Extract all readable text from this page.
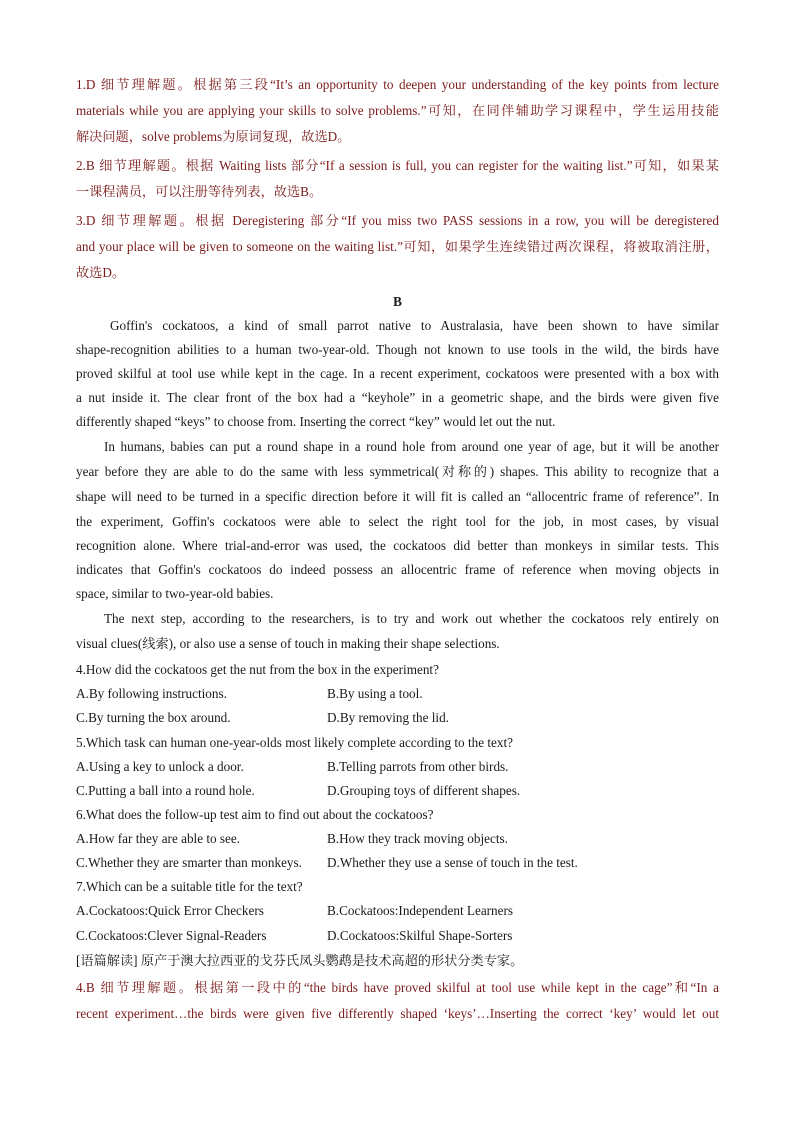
1.D 细节理解题。根据第三段“It’s an opportunity to deepen your understanding of the key points from lecture
materials while you are applying your skills to solve problems.”可知，在同伴辅助学习课程中，学生运用技能
解决问题，solve problems为原词复现，故选D。
2.B 细节理解题。根据 Waiting lists 部分“If a session is full, you can register for the waiting list.”可知，如果某
一课程满员，可以注册等待列表，故选B。
3.D 细节理解题。根据 Deregistering 部分“If you miss two PASS sessions in a row, you will be deregistered
and your place will be given to someone on the waiting list.”可知，如果学生连续错过两次课程，将被取消注册，
故选D。
B
Goffin's cockatoos, a kind of small parrot native to Australasia, have been shown to have similar
shape-recognition abilities to a human two-year-old. Though not known to use tools in the wild, the birds have
proved skilful at tool use while kept in the cage. In a recent experiment, cockatoos were presented with a box with
a nut inside it. The clear front of the box had a “keyhole” in a geometric shape, and the birds were given five
differently shaped “keys” to choose from. Inserting the correct “key” would let out the nut.
In humans, babies can put a round shape in a round hole from around one year of age, but it will be another
year before they are able to do the same with less symmetrical(对称的) shapes. This ability to recognize that a
shape will need to be turned in a specific direction before it will fit is called an “allocentric frame of reference”. In
the experiment, Goffin's cockatoos were able to select the right tool for the job, in most cases, by visual
recognition alone. Where trial-and-error was used, the cockatoos did better than monkeys in similar tests. This
indicates that Goffin's cockatoos do indeed possess an allocentric frame of reference when moving objects in
space, similar to two-year-old babies.
The next step, according to the researchers, is to try and work out whether the cockatoos rely entirely on
visual clues(线索), or also use a sense of touch in making their shape selections.
4.How did the cockatoos get the nut from the box in the experiment?
A.By following instructions.	B.By using a tool.
C.By turning the box around.	D.By removing the lid.
5.Which task can human one-year-olds most likely complete according to the text?
A.Using a key to unlock a door.	B.Telling parrots from other birds.
C.Putting a ball into a round hole.	D.Grouping toys of different shapes.
6.What does the follow-up test aim to find out about the cockatoos?
A.How far they are able to see.	B.How they track moving objects.
C.Whether they are smarter than monkeys. D.Whether they use a sense of touch in the test.
7.Which can be a suitable title for the text?
A.Cockatoos:Quick Error Checkers	B.Cockatoos:Independent Learners
C.Cockatoos:Clever Signal-Readers	D.Cockatoos:Skilful Shape-Sorters
[语篇解读] 原产于澳大拉西亚的戈芬氏凤头鹦鹉是技术高超的形状分类专家。
4.B 细节理解题。根据第一段中的“the birds have proved skilful at tool use while kept in the cage”和“In a
recent experiment…the birds were given five differently shaped ‘keys’…Inserting the correct ‘key’ would let out
